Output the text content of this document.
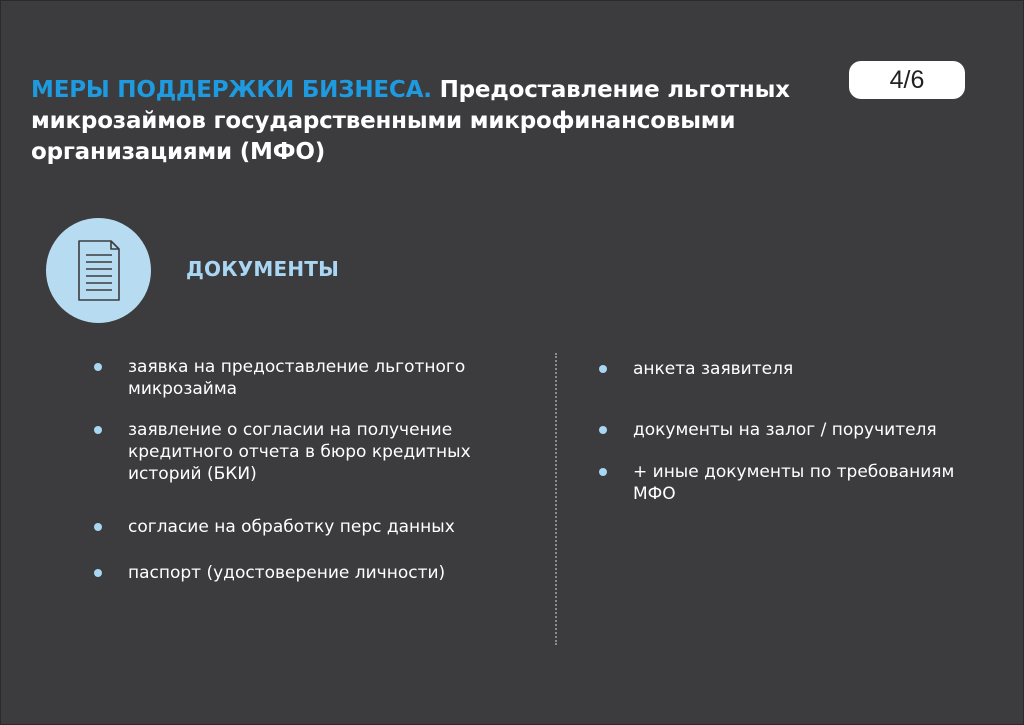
МЕРЫ ПОДДЕРЖКИ БИЗНЕСА. Предоставление льготных микрозаймов государственными микрофинансовыми организациями (МФО)
4/6
ДОКУМЕНТЫ
заявка на предоставление льготного микрозайма
заявление о согласии на получение кредитного отчета в бюро кредитных историй (БКИ)
согласие на обработку перс данных
паспорт (удостоверение личности)
анкета заявителя
документы на залог / поручителя
+ иные документы по требованиям МФО
